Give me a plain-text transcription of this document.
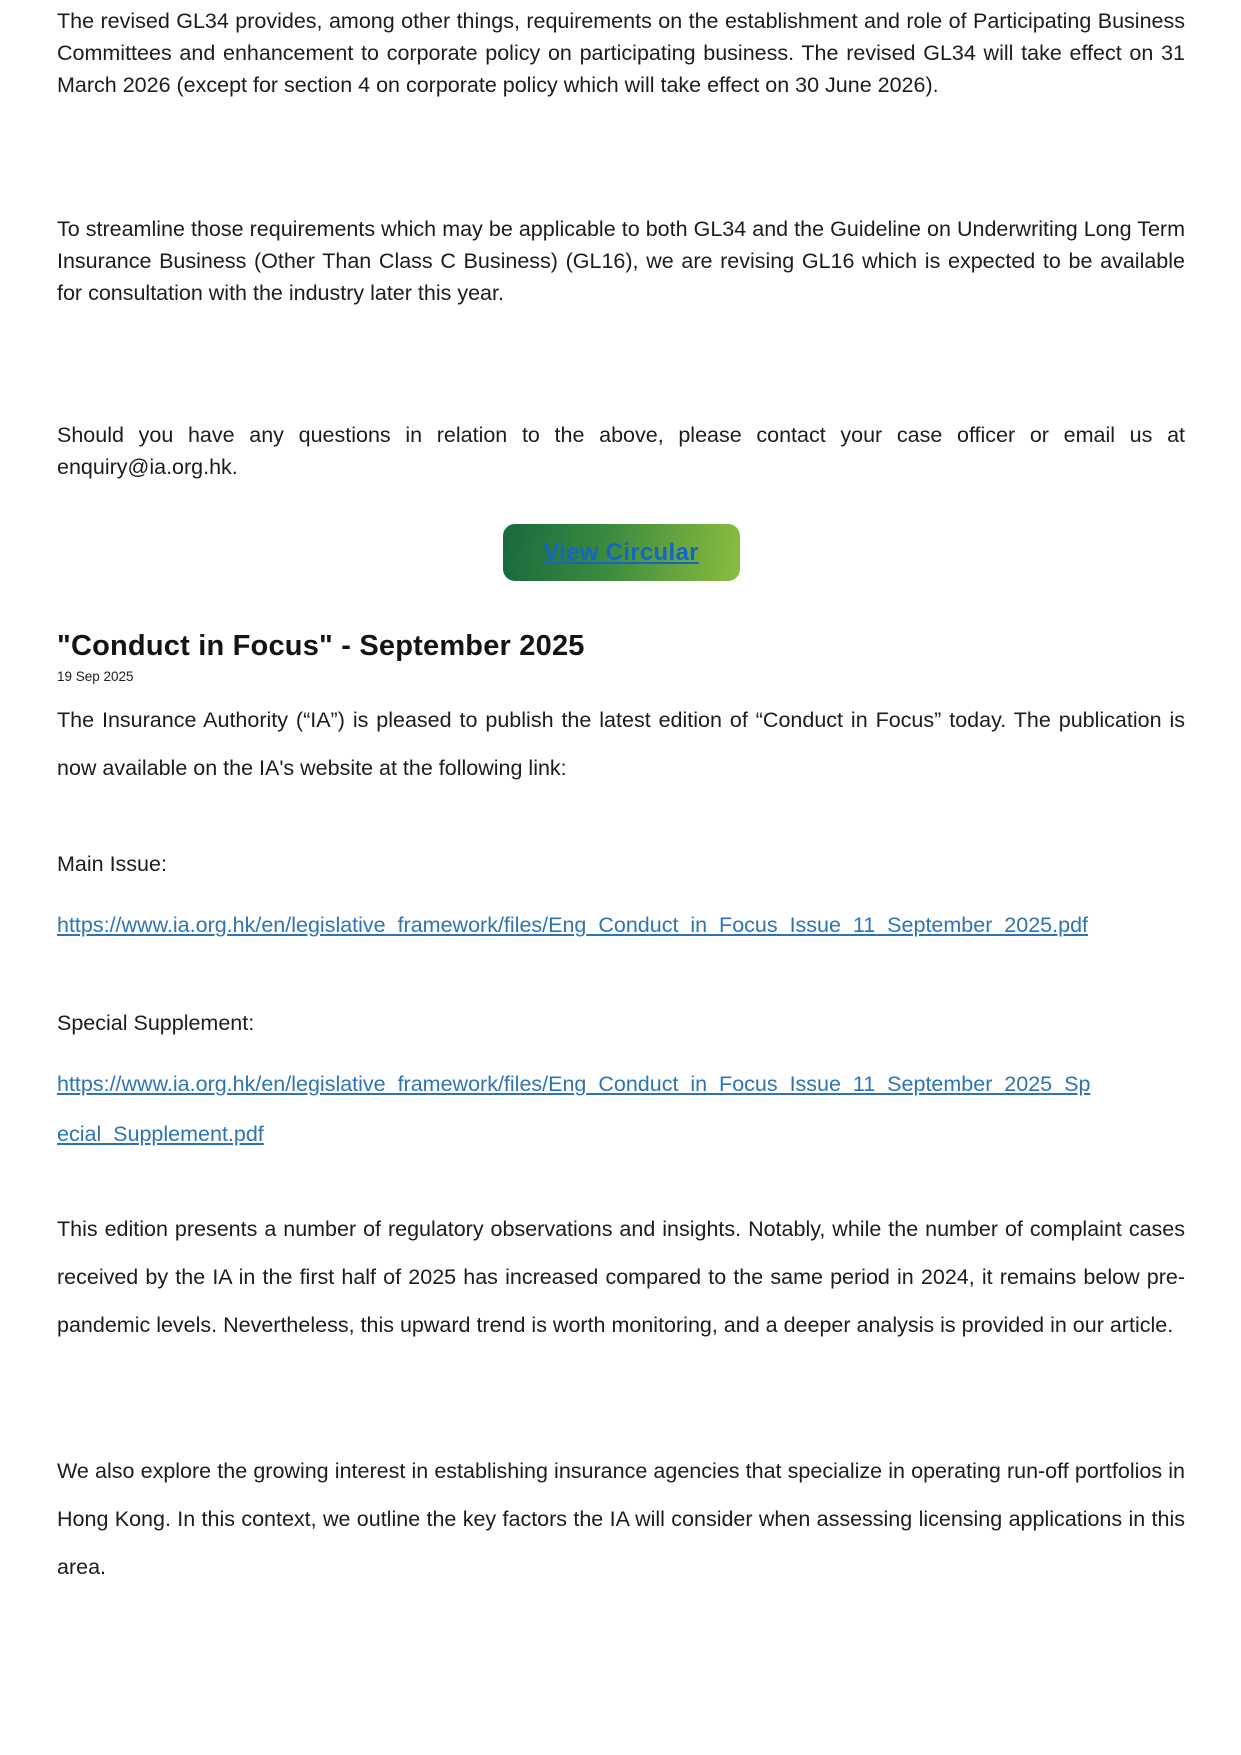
The revised GL34 provides, among other things, requirements on the establishment and role of Participating Business Committees and enhancement to corporate policy on participating business. The revised GL34 will take effect on 31 March 2026 (except for section 4 on corporate policy which will take effect on 30 June 2026).

To streamline those requirements which may be applicable to both GL34 and the Guideline on Underwriting Long Term Insurance Business (Other Than Class C Business) (GL16), we are revising GL16 which is expected to be available for consultation with the industry later this year.

Should you have any questions in relation to the above, please contact your case officer or email us at enquiry@ia.org.hk.

View Circular
"Conduct in Focus" - September 2025
19 Sep 2025

The Insurance Authority (“IA”) is pleased to publish the latest edition of “Conduct in Focus” today. The publication is now available on the IA's website at the following link:

Main Issue:

https://www.ia.org.hk/en/legislative_framework/files/Eng_Conduct_in_Focus_Issue_11_September_2025.pdf

Special Supplement:

https://www.ia.org.hk/en/legislative_framework/files/Eng_Conduct_in_Focus_Issue_11_September_2025_Special_Supplement.pdf

This edition presents a number of regulatory observations and insights. Notably, while the number of complaint cases received by the IA in the first half of 2025 has increased compared to the same period in 2024, it remains below pre-pandemic levels. Nevertheless, this upward trend is worth monitoring, and a deeper analysis is provided in our article.

We also explore the growing interest in establishing insurance agencies that specialize in operating run-off portfolios in Hong Kong. In this context, we outline the key factors the IA will consider when assessing licensing applications in this area.
